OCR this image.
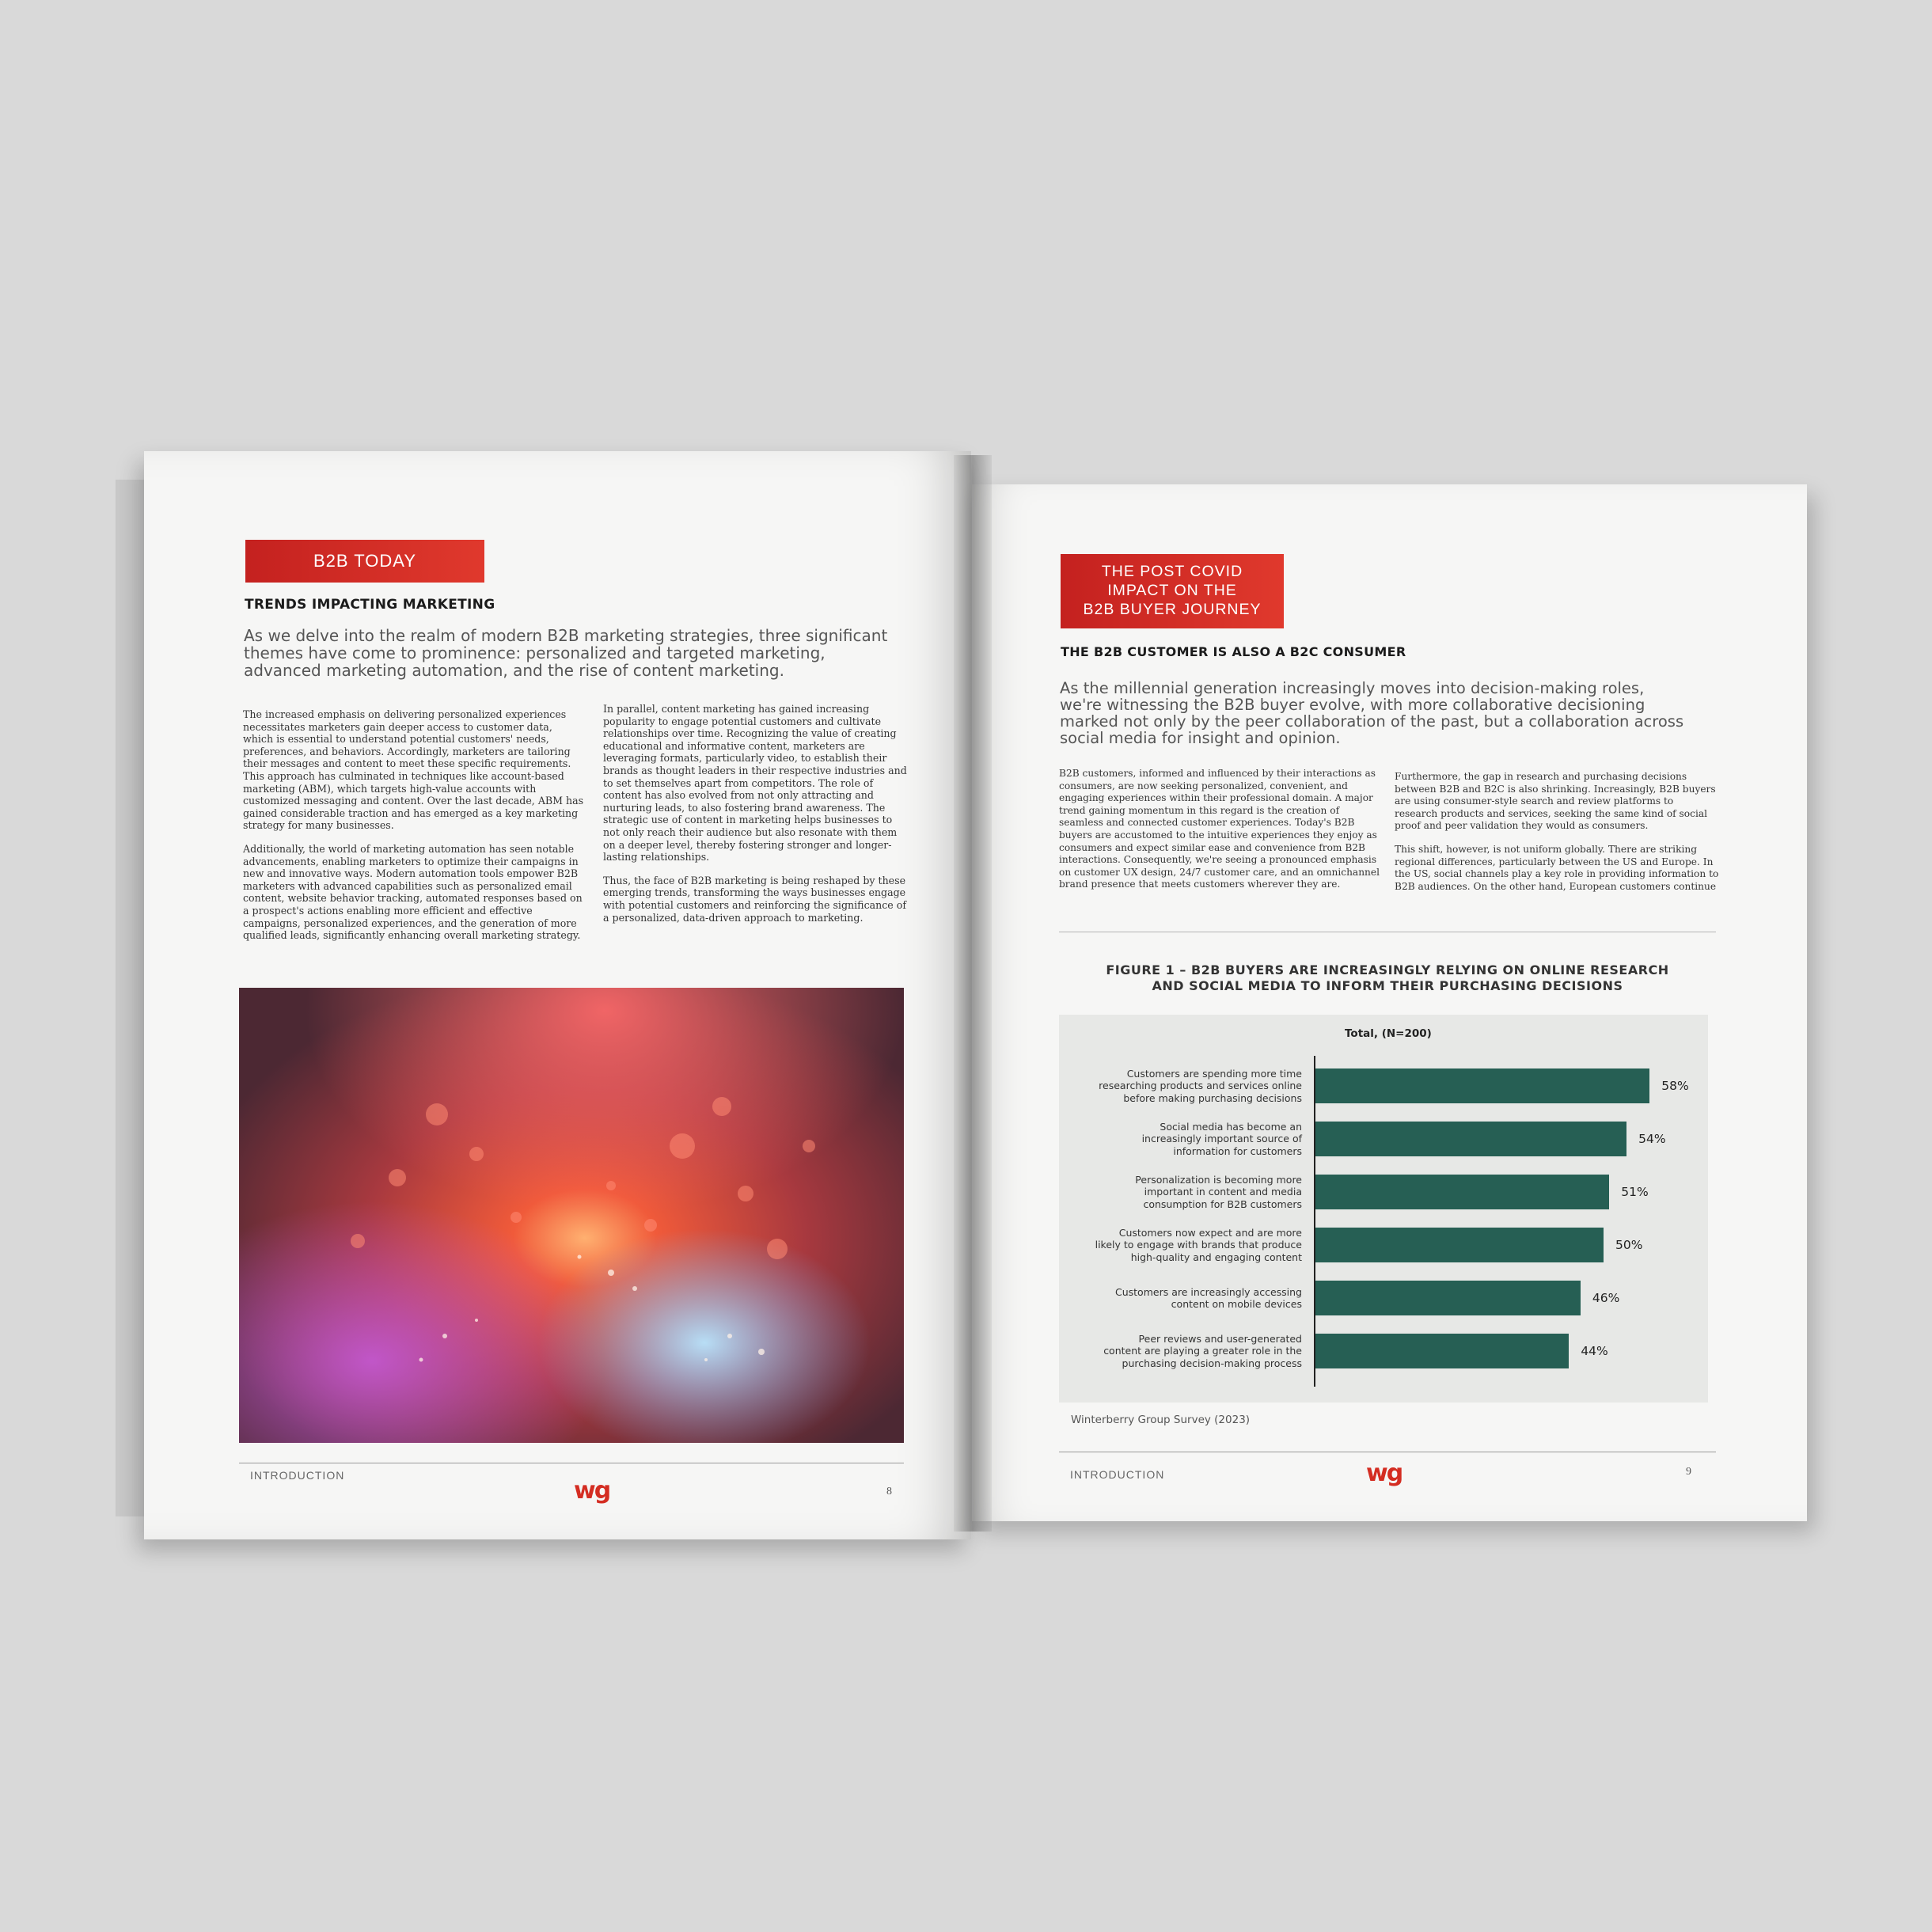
B2B TODAY
TRENDS IMPACTING MARKETING
As we delve into the realm of modern B2B marketing strategies, three significant themes have come to prominence: personalized and targeted marketing, advanced marketing automation, and the rise of content marketing.

The increased emphasis on delivering personalized experiences necessitates marketers gain deeper access to customer data, which is essential to understand potential customers' needs, preferences, and behaviors. Accordingly, marketers are tailoring their messages and content to meet these specific requirements. This approach has culminated in techniques like account-based marketing (ABM), which targets high-value accounts with customized messaging and content. Over the last decade, ABM has gained considerable traction and has emerged as a key marketing strategy for many businesses.

Additionally, the world of marketing automation has seen notable advancements, enabling marketers to optimize their campaigns in new and innovative ways. Modern automation tools empower B2B marketers with advanced capabilities such as personalized email content, website behavior tracking, automated responses based on a prospect's actions enabling more efficient and effective campaigns, personalized experiences, and the generation of more qualified leads, significantly enhancing overall marketing strategy.

In parallel, content marketing has gained increasing popularity to engage potential customers and cultivate relationships over time. Recognizing the value of creating educational and informative content, marketers are leveraging formats, particularly video, to establish their brands as thought leaders in their respective industries and to set themselves apart from competitors. The role of content has also evolved from not only attracting and nurturing leads, to also fostering brand awareness. The strategic use of content in marketing helps businesses to not only reach their audience but also resonate with them on a deeper level, thereby fostering stronger and longer-lasting relationships.

Thus, the face of B2B marketing is being reshaped by these emerging trends, transforming the ways businesses engage with potential customers and reinforcing the significance of a personalized, data-driven approach to marketing.

INTRODUCTION
wg	8
THE POST COVID
IMPACT ON THE
B2B BUYER JOURNEY
THE B2B CUSTOMER IS ALSO A B2C CONSUMER
As the millennial generation increasingly moves into decision-making roles, we're witnessing the B2B buyer evolve, with more collaborative decisioning marked not only by the peer collaboration of the past, but a collaboration across social media for insight and opinion.

B2B customers, informed and influenced by their interactions as consumers, are now seeking personalized, convenient, and engaging experiences within their professional domain. A major trend gaining momentum in this regard is the creation of seamless and connected customer experiences. Today's B2B buyers are accustomed to the intuitive experiences they enjoy as consumers and expect similar ease and convenience from B2B interactions. Consequently, we're seeing a pronounced emphasis on customer UX design, 24/7 customer care, and an omnichannel brand presence that meets customers wherever they are.

Furthermore, the gap in research and purchasing decisions between B2B and B2C is also shrinking. Increasingly, B2B buyers are using consumer-style search and review platforms to research products and services, seeking the same kind of social proof and peer validation they would as consumers.

This shift, however, is not uniform globally. There are striking regional differences, particularly between the US and Europe. In the US, social channels play a key role in providing information to B2B audiences. On the other hand, European customers continue

FIGURE 1 – B2B BUYERS ARE INCREASINGLY RELYING ON ONLINE RESEARCH
AND SOCIAL MEDIA TO INFORM THEIR PURCHASING DECISIONS
Total, (N=200)
58%
Customers are spending more time
researching products and services online
before making purchasing decisions
54%
Social media has become an
increasingly important source of
information for customers
51%
Personalization is becoming more
important in content and media
consumption for B2B customers
50%
Customers now expect and are more
likely to engage with brands that produce
high-quality and engaging content
46%
Customers are increasingly accessing
content on mobile devices
44%
Peer reviews and user-generated
content are playing a greater role in the
purchasing decision-making process
Winterberry Group Survey (2023)
INTRODUCTION	wg	9
